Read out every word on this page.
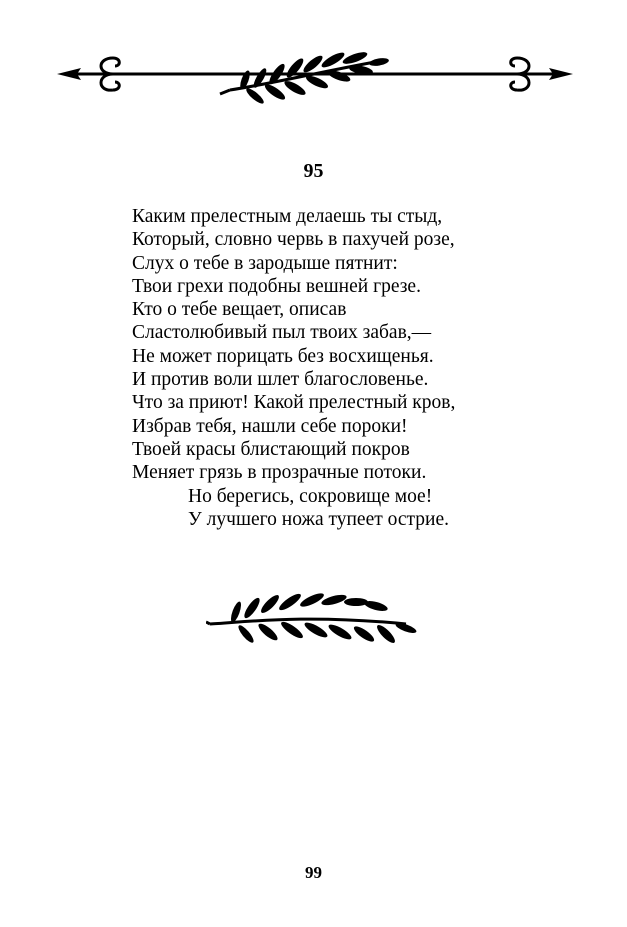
95
Каким прелестным делаешь ты стыд,
Который, словно червь в пахучей розе,
Слух о тебе в зародыше пятнит:
Твои грехи подобны вешней грезе.
Кто о тебе вещает, описав
Сластолюбивый пыл твоих забав,—
Не может порицать без восхищенья.
И против воли шлет благословенье.
Что за приют! Какой прелестный кров,
Избрав тебя, нашли себе пороки!
Твоей красы блистающий покров
Меняет грязь в прозрачные потоки.
Но берегись, сокровище мое!
У лучшего ножа тупеет острие.
99
